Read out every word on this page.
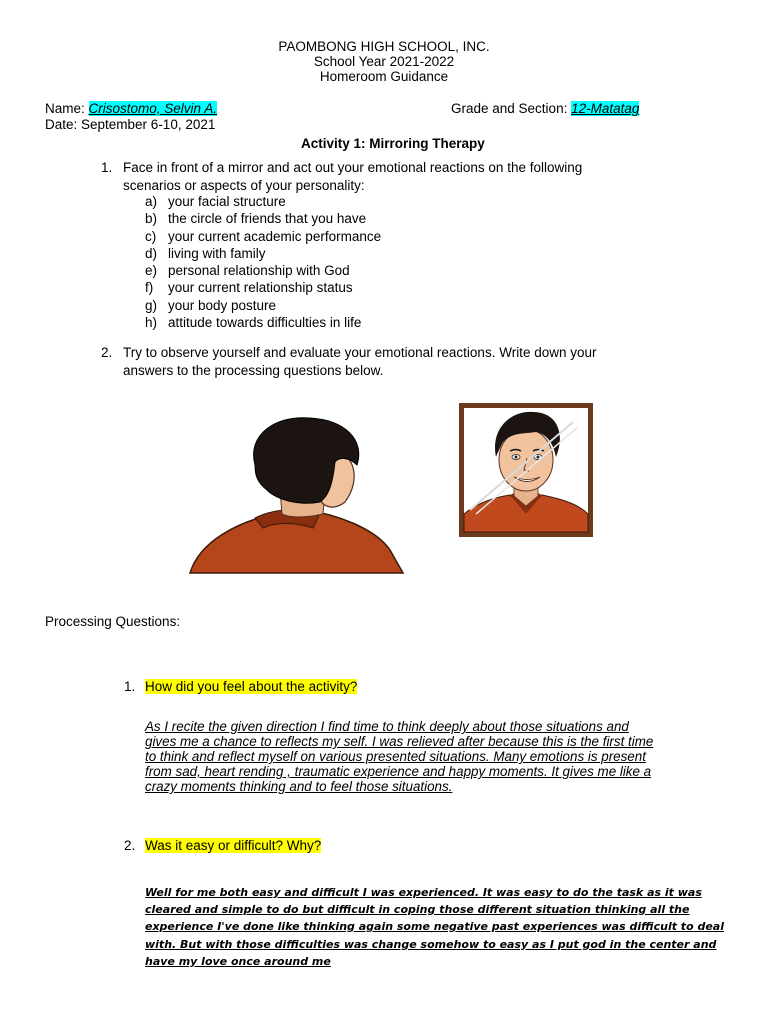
PAOMBONG HIGH SCHOOL, INC.
School Year 2021-2022
Homeroom Guidance
Name: Crisostomo, Selvin A.	Grade and Section: 12-Matatag
Date: September 6-10, 2021
Activity 1: Mirroring Therapy
1. Face in front of a mirror and act out your emotional reactions on the following
scenarios or aspects of your personality:
a) your facial structure
b) the circle of friends that you have
c) your current academic performance
d) living with family
e) personal relationship with God
f) your current relationship status
g) your body posture
h) attitude towards difficulties in life
2. Try to observe yourself and evaluate your emotional reactions. Write down your
answers to the processing questions below.
Processing Questions:
1. How did you feel about the activity?
As I recite the given direction I find time to think deeply about those situations and
gives me a chance to reflects my self. I was relieved after because this is the first time
to think and reflect myself on various presented situations. Many emotions is present
from sad, heart rending , traumatic experience and happy moments. It gives me like a
crazy moments thinking and to feel those situations.
2. Was it easy or difficult? Why?
Well for me both easy and difficult I was experienced. It was easy to do the task as it was
cleared and simple to do but difficult in coping those different situation thinking all the
experience I've done like thinking again some negative past experiences was difficult to deal
with. But with those difficulties was change somehow to easy as I put god in the center and
have my love once around me
